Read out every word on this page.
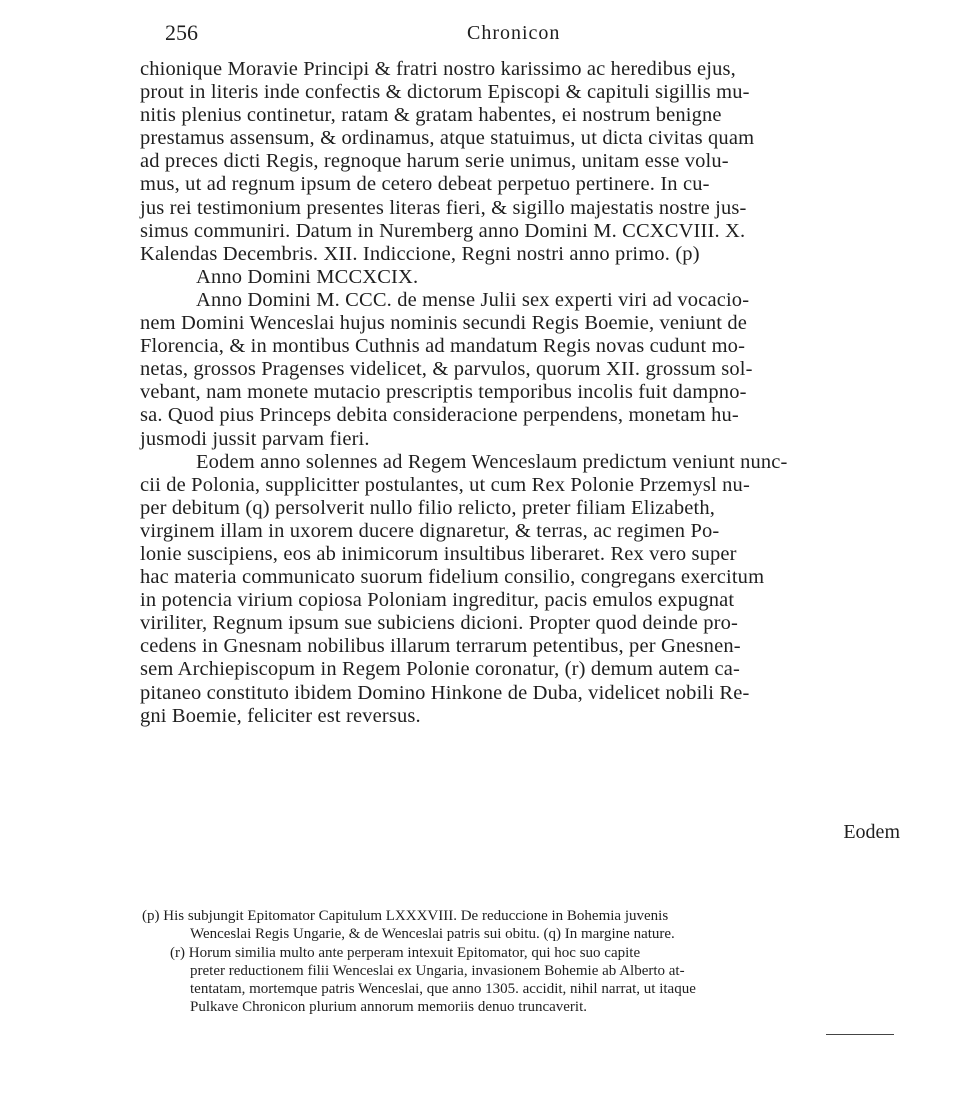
256	Chronicon
chionique Moravie Principi & fratri nostro karissimo ac heredibus ejus,
prout in literis inde confectis & dictorum Episcopi & capituli sigillis mu-
nitis plenius continetur, ratam & gratam habentes, ei nostrum benigne
prestamus assensum, & ordinamus, atque statuimus, ut dicta civitas quam
ad preces dicti Regis, regnoque harum serie unimus, unitam esse volu-
mus, ut ad regnum ipsum de cetero debeat perpetuo pertinere. In cu-
jus rei testimonium presentes literas fieri, & sigillo majestatis nostre jus-
simus communiri. Datum in Nuremberg anno Domini M. CCXCVIII. X.
Kalendas Decembris. XII. Indiccione, Regni nostri anno primo. (p)
Anno Domini MCCXCIX.
Anno Domini M. CCC. de mense Julii sex experti viri ad vocacio-
nem Domini Wenceslai hujus nominis secundi Regis Boemie, veniunt de
Florencia, & in montibus Cuthnis ad mandatum Regis novas cudunt mo-
netas, grossos Pragenses videlicet, & parvulos, quorum XII. grossum sol-
vebant, nam monete mutacio prescriptis temporibus incolis fuit dampno-
sa. Quod pius Princeps debita consideracione perpendens, monetam hu-
jusmodi jussit parvam fieri.
Eodem anno solennes ad Regem Wenceslaum predictum veniunt nunc-
cii de Polonia, supplicitter postulantes, ut cum Rex Polonie Przemysl nu-
per debitum (q) persolverit nullo filio relicto, preter filiam Elizabeth,
virginem illam in uxorem ducere dignaretur, & terras, ac regimen Po-
lonie suscipiens, eos ab inimicorum insultibus liberaret. Rex vero super
hac materia communicato suorum fidelium consilio, congregans exercitum
in potencia virium copiosa Poloniam ingreditur, pacis emulos expugnat
viriliter, Regnum ipsum sue subiciens dicioni. Propter quod deinde pro-
cedens in Gnesnam nobilibus illarum terrarum petentibus, per Gnesnen-
sem Archiepiscopum in Regem Polonie coronatur, (r) demum autem ca-
pitaneo constituto ibidem Domino Hinkone de Duba, videlicet nobili Re-
gni Boemie, feliciter est reversus.
Eodem
(p) His subjungit Epitomator Capitulum LXXXVIII. De reduccione in Bohemia juvenis
Wenceslai Regis Ungarie, & de Wenceslai patris sui obitu. (q) In margine nature.
(r) Horum similia multo ante perperam intexuit Epitomator, qui hoc suo capite
preter reductionem filii Wenceslai ex Ungaria, invasionem Bohemie ab Alberto at-
tentatam, mortemque patris Wenceslai, que anno 1305. accidit, nihil narrat, ut itaque
Pulkave Chronicon plurium annorum memoriis denuo truncaverit.
